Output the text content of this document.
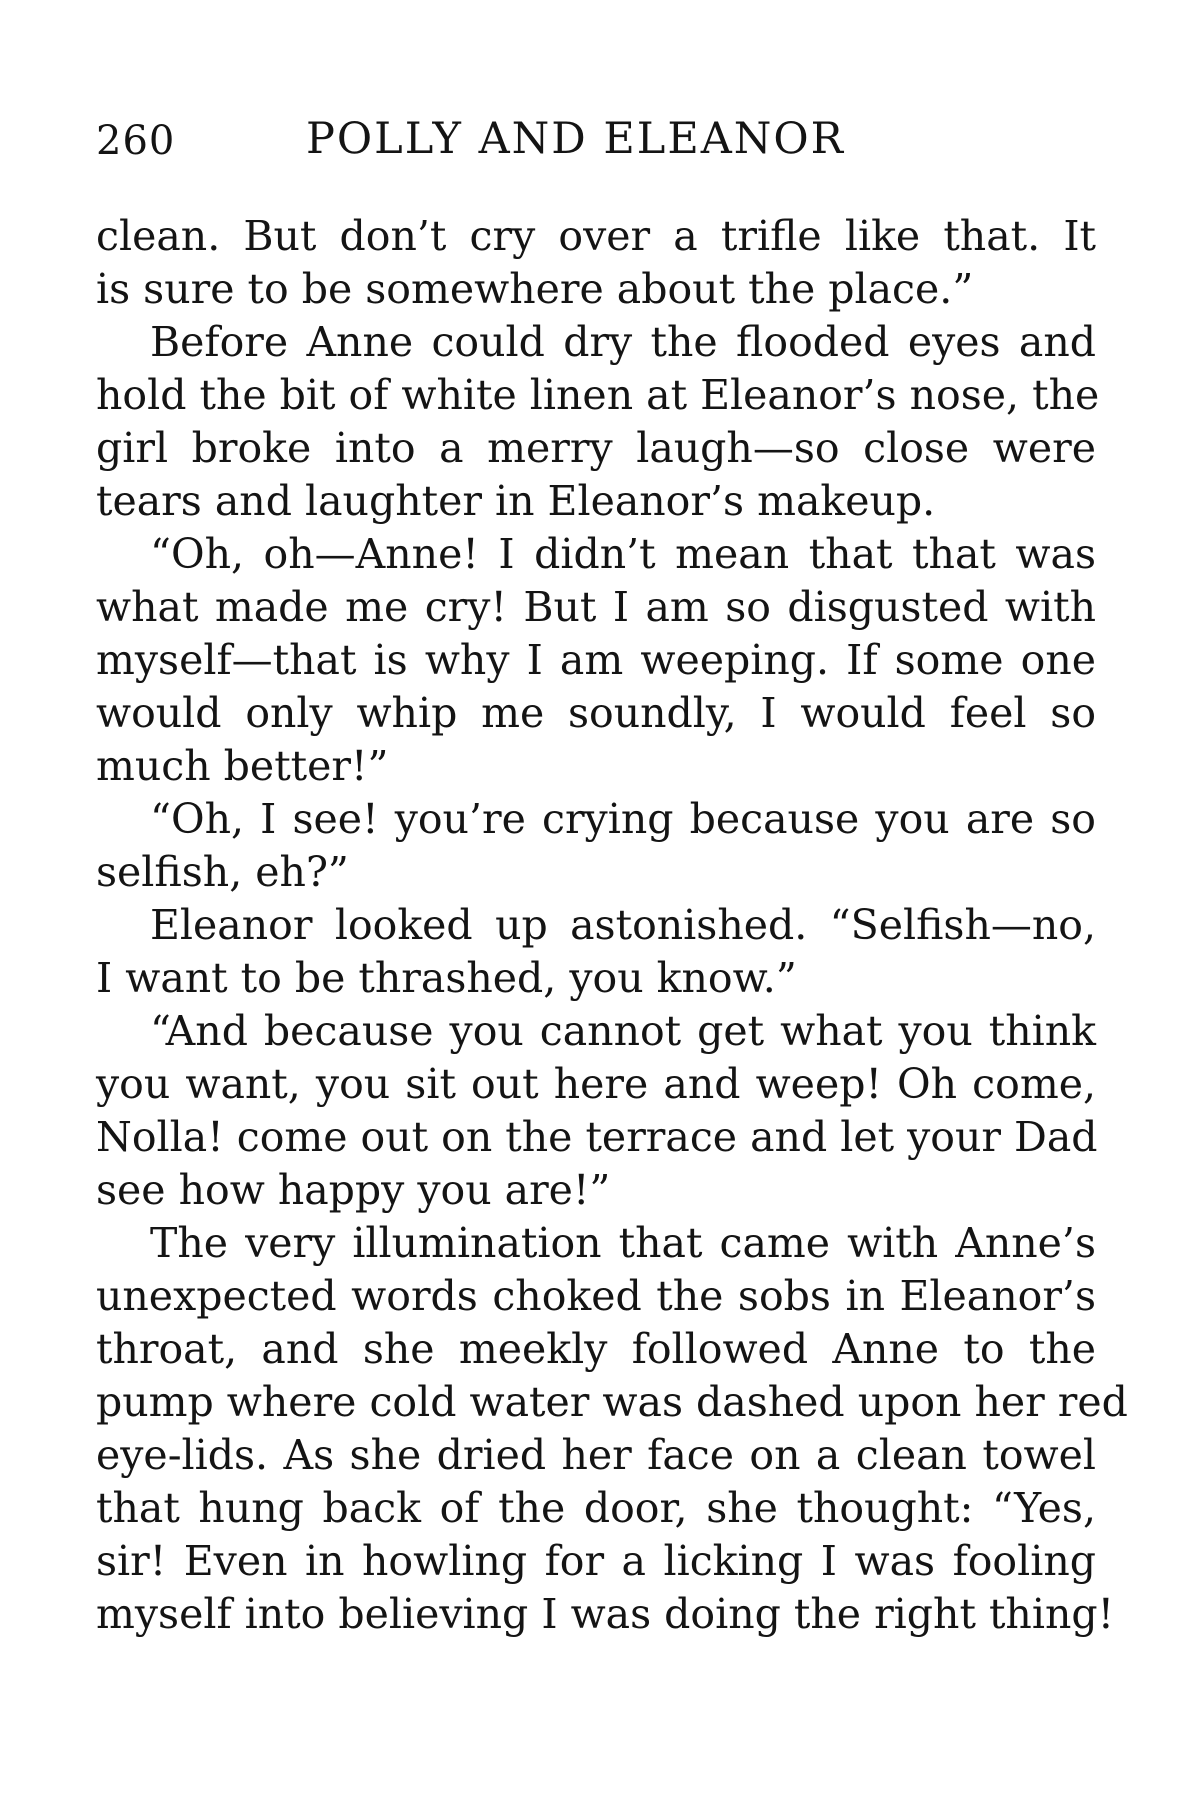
260	POLLY AND ELEANOR
clean. But don’t cry over a trifle like that. It
is sure to be somewhere about the place.”
Before Anne could dry the flooded eyes and
hold the bit of white linen at Eleanor’s nose, the
girl broke into a merry laugh—so close were
tears and laughter in Eleanor’s makeup.
“Oh, oh—Anne! I didn’t mean that that was
what made me cry! But I am so disgusted with
myself—that is why I am weeping. If some one
would only whip me soundly, I would feel so
much better!”
“Oh, I see! you’re crying because you are so
selfish, eh?”
Eleanor looked up astonished. “Selfish—no,
I want to be thrashed, you know.”
“And because you cannot get what you think
you want, you sit out here and weep! Oh come,
Nolla! come out on the terrace and let your Dad
see how happy you are!”
The very illumination that came with Anne’s
unexpected words choked the sobs in Eleanor’s
throat, and she meekly followed Anne to the
pump where cold water was dashed upon her red
eye-lids. As she dried her face on a clean towel
that hung back of the door, she thought: “Yes,
sir! Even in howling for a licking I was fooling
myself into believing I was doing the right thing!
